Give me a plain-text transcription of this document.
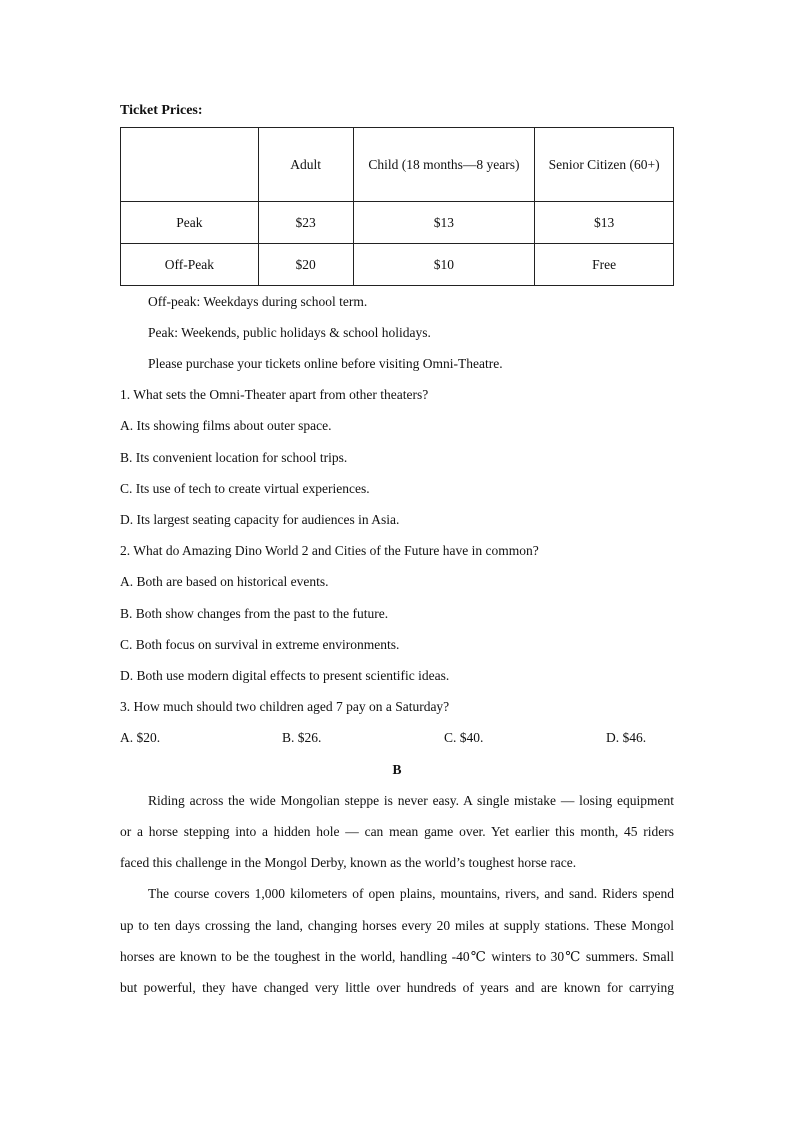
Ticket Prices:
	Adult	Child (18 months—8 years)	Senior Citizen (60+)
Peak	$23	$13	$13
Off-Peak	$20	$10	Free
Off-peak: Weekdays during school term.
Peak: Weekends, public holidays & school holidays.
Please purchase your tickets online before visiting Omni-Theatre.
1. What sets the Omni-Theater apart from other theaters?
A. Its showing films about outer space.
B. Its convenient location for school trips.
C. Its use of tech to create virtual experiences.
D. Its largest seating capacity for audiences in Asia.
2. What do Amazing Dino World 2 and Cities of the Future have in common?
A. Both are based on historical events.
B. Both show changes from the past to the future.
C. Both focus on survival in extreme environments.
D. Both use modern digital effects to present scientific ideas.
3. How much should two children aged 7 pay on a Saturday?
A. $20.	B. $26.	C. $40.	D. $46.
B
Riding across the wide Mongolian steppe is never easy. A single mistake — losing equipment
or a horse stepping into a hidden hole — can mean game over. Yet earlier this month, 45 riders
faced this challenge in the Mongol Derby, known as the world’s toughest horse race.
The course covers 1,000 kilometers of open plains, mountains, rivers, and sand. Riders spend
up to ten days crossing the land, changing horses every 20 miles at supply stations. These Mongol
horses are known to be the toughest in the world, handling -40℃ winters to 30℃ summers. Small
but powerful, they have changed very little over hundreds of years and are known for carrying
